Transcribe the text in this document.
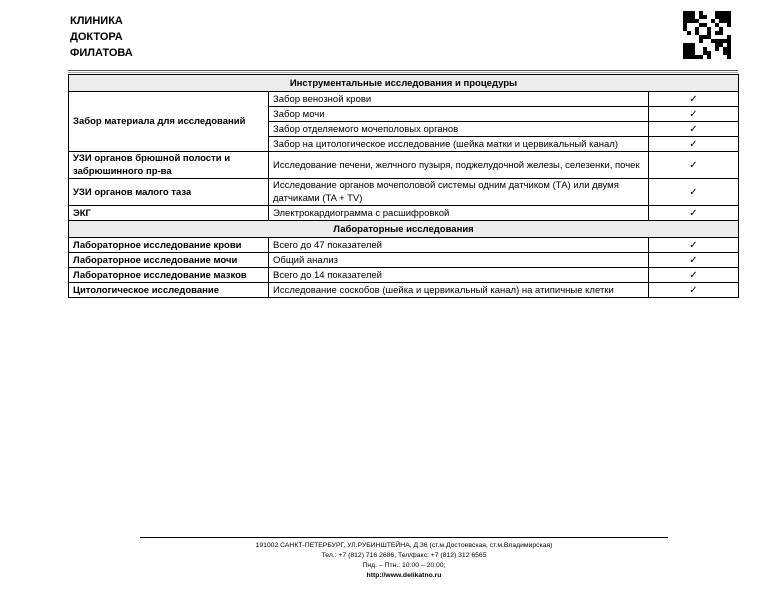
КЛИНИКА
ДОКТОРА
ФИЛАТОВА
Инструментальные исследования и процедуры		
Забор материала для исследований	Забор венозной крови	✓
	Забор мочи	✓
	Забор отделяемого мочеполовых органов	✓
	Забор на цитологическое исследование (шейка матки и цервикальный канал)	✓
УЗИ органов брюшной полости и забрюшинного пр-ва	Исследование печени, желчного пузыря, поджелудочной железы, селезенки, почек	✓
УЗИ органов малого таза	Исследование органов мочеполовой системы одним датчиком (ТА) или двумя датчиками (TA + TV)	✓
ЭКГ	Электрокардиограмма с расшифровкой	✓
Лабораторные исследования		
Лабораторное исследование крови	Всего до 47 показателей	✓
Лабораторное исследование мочи	Общий анализ	✓
Лабораторное исследование мазков	Всего до 14 показателей	✓
Цитологическое исследование	Исследование соскобов (шейка и цервикальный канал) на атипичные клетки	✓
191002 САНКТ-ПЕТЕРБУРГ, УЛ.РУБИНШТЕЙНА, Д.36 (ст.м.Достоевская, ст.м.Владимирская)
Тел.: +7 (812) 716 2686, Тел/факс: +7 (812) 312 6565
Пнд. – Птн.: 10:00 – 20:00;
http://www.delikatno.ru
